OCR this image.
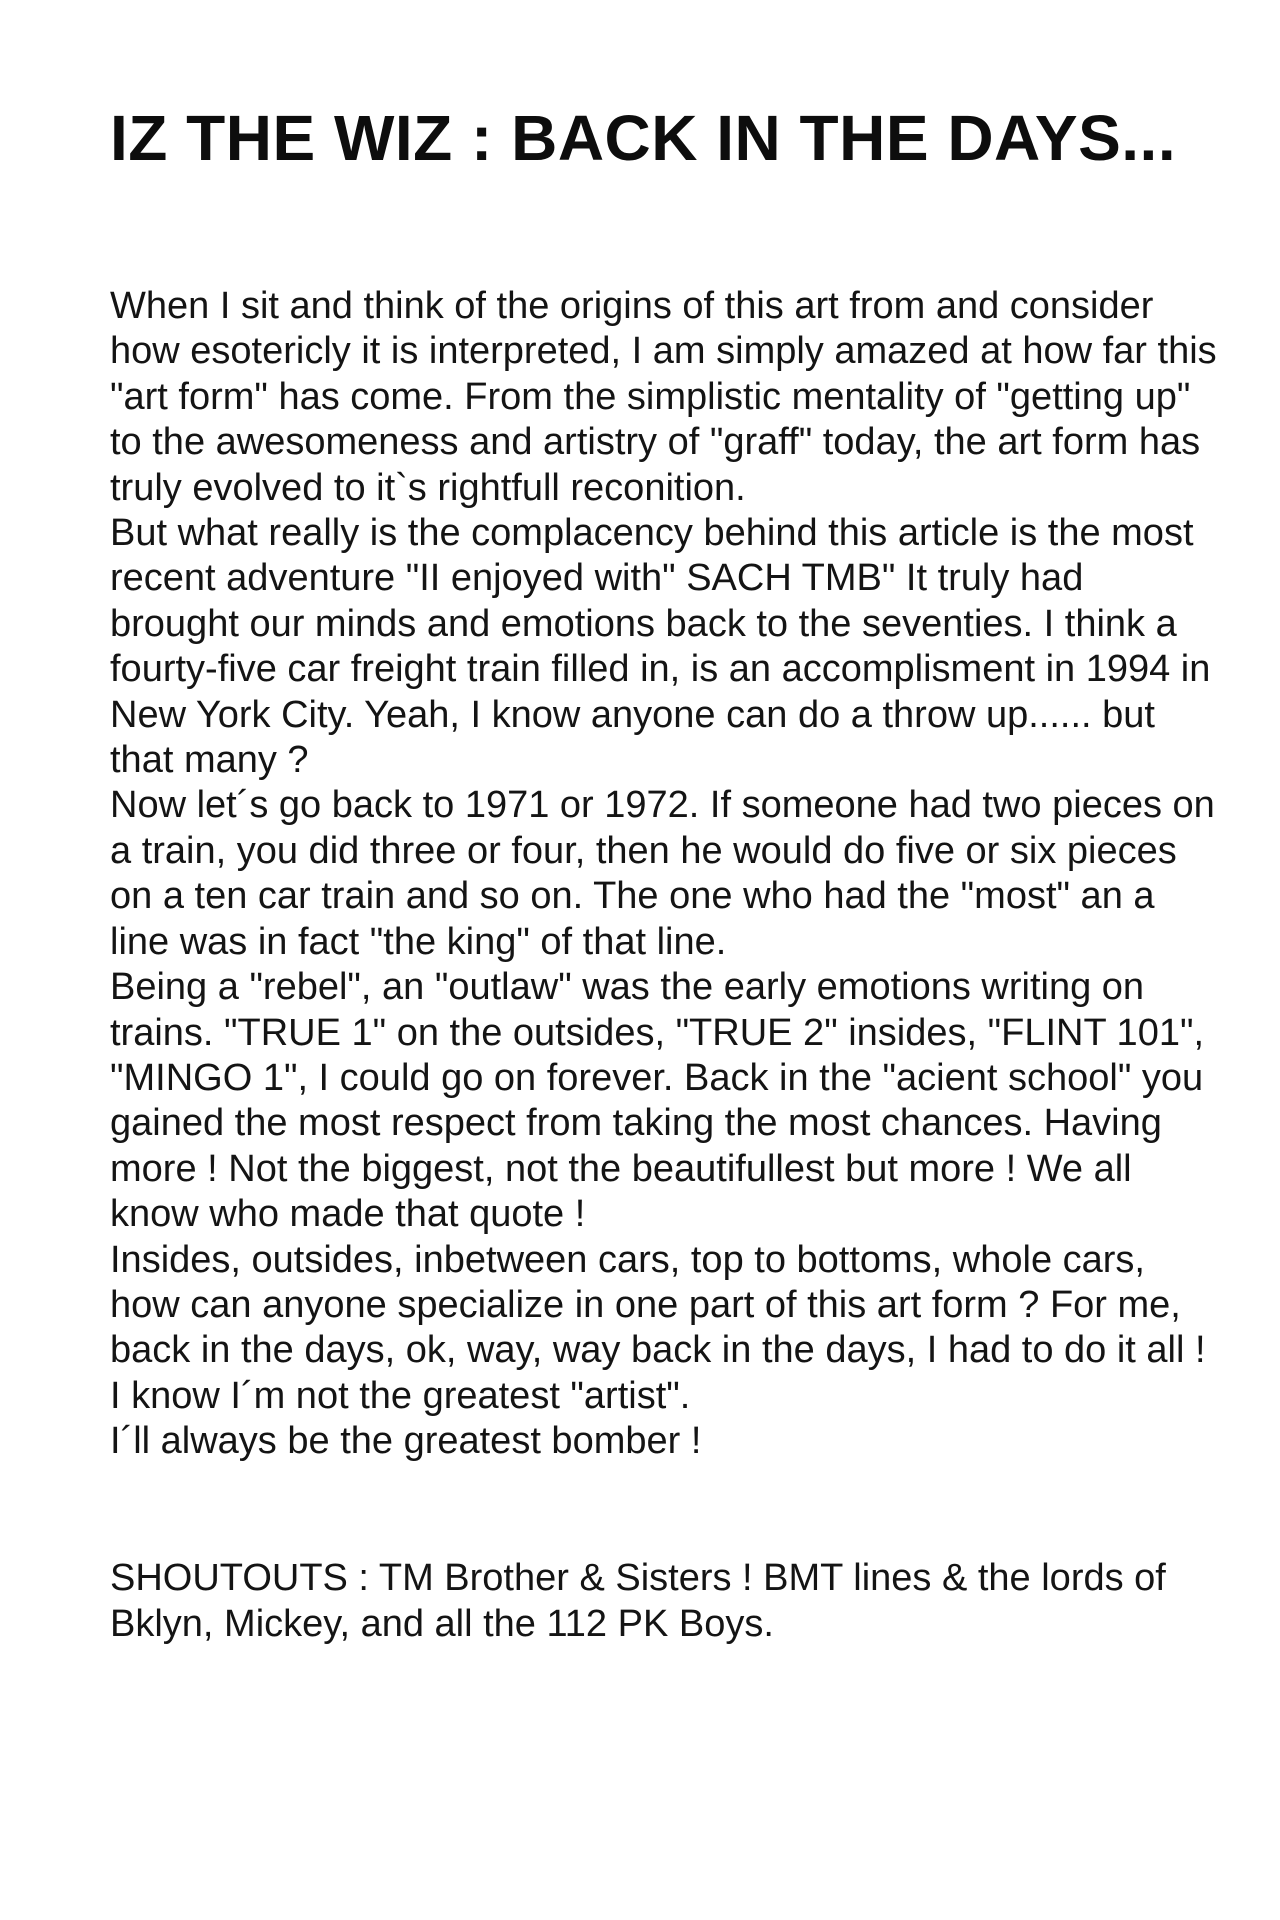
IZ THE WIZ : BACK IN THE DAYS...

When I sit and think of the origins of this art from and consider how esotericly it is interpreted, I am simply amazed at how far this "art form" has come. From the simplistic mentality of "getting up" to the awesomeness and artistry of "graff" today, the art form has truly evolved to it`s rightfull reconition.

But what really is the complacency behind this article is the most recent adventure "II enjoyed with" SACH TMB" It truly had brought our minds and emotions back to the seventies. I think a fourty-five car freight train filled in, is an accomplisment in 1994 in New York City. Yeah, I know anyone can do a throw up...... but that many ?

Now let´s go back to 1971 or 1972. If someone had two pieces on a train, you did three or four, then he would do five or six pieces on a ten car train and so on. The one who had the "most" an a line was in fact "the king" of that line.

Being a "rebel", an "outlaw" was the early emotions writing on trains. "TRUE 1" on the outsides, "TRUE 2" insides, "FLINT 101", "MINGO 1", I could go on forever. Back in the "acient school" you gained the most respect from taking the most chances. Having more ! Not the biggest, not the beautifullest but more ! We all know who made that quote !

Insides, outsides, inbetween cars, top to bottoms, whole cars, how can anyone specialize in one part of this art form ? For me, back in the days, ok, way, way back in the days, I had to do it all ! I know I´m not the greatest "artist".

I´ll always be the greatest bomber !

SHOUTOUTS : TM Brother & Sisters ! BMT lines & the lords of Bklyn, Mickey, and all the 112 PK Boys.
